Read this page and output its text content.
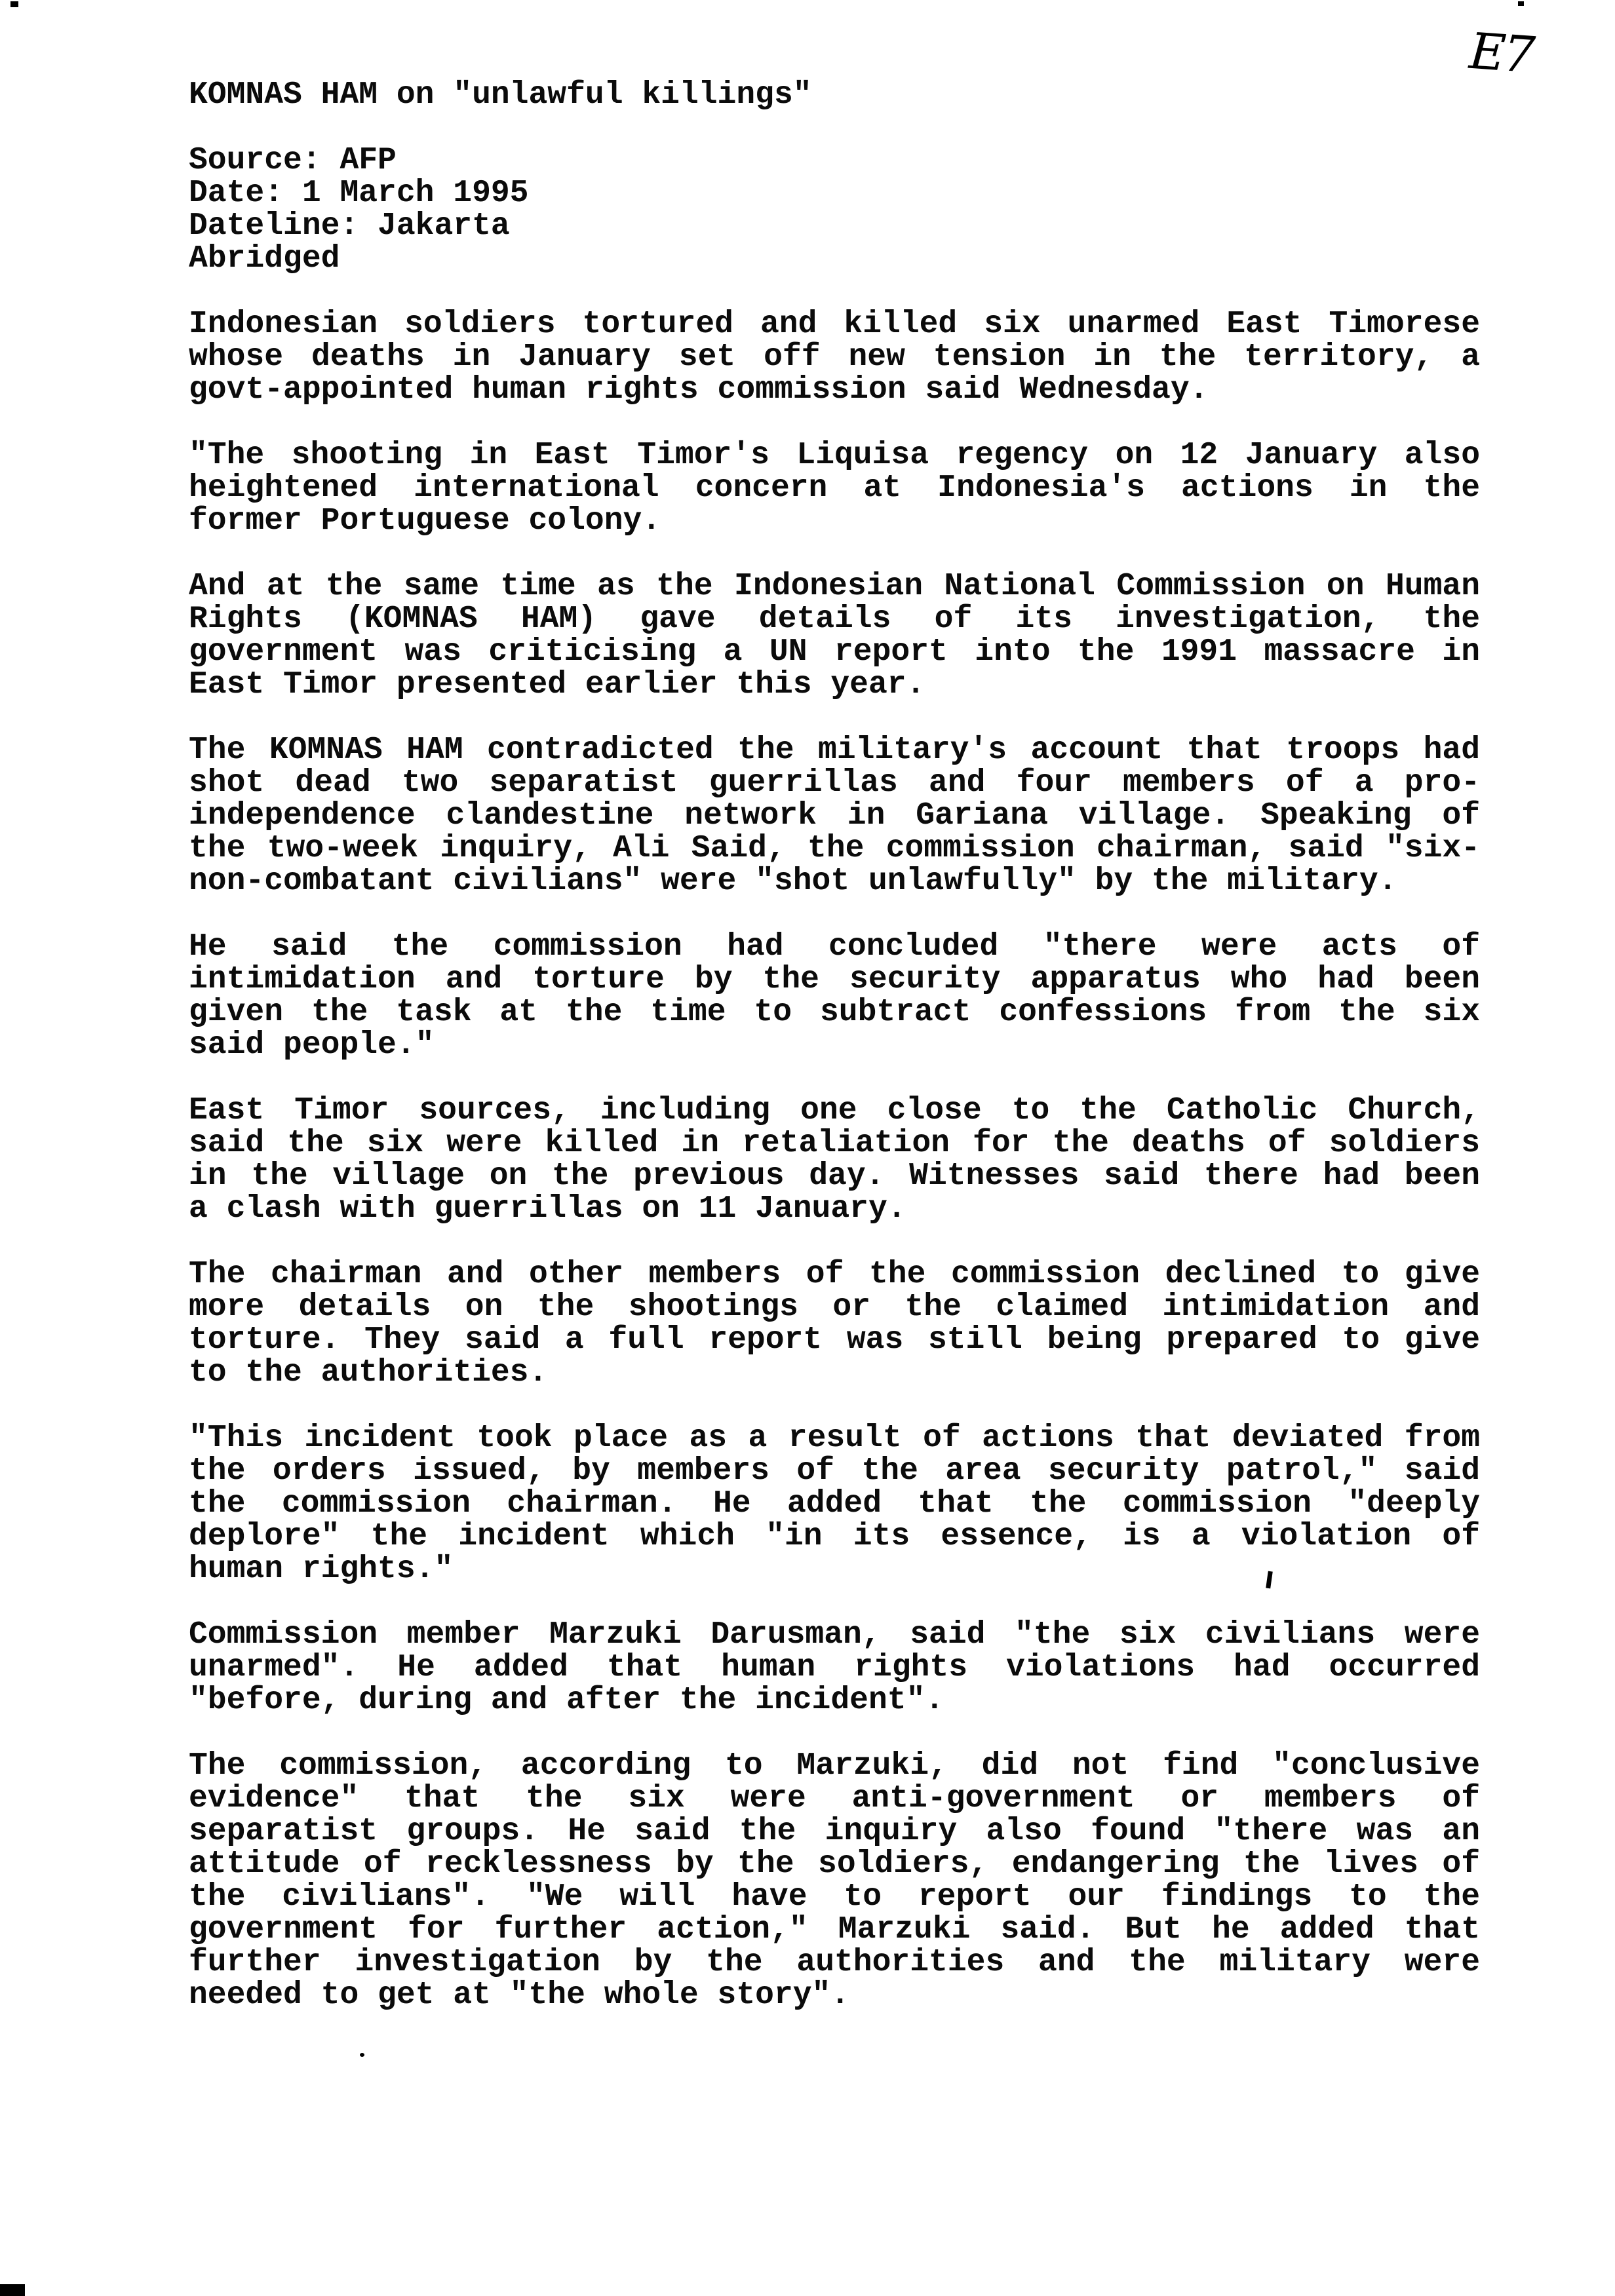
E7
KOMNAS HAM on "unlawful killings"
Source: AFP
Date: 1 March 1995
Dateline: Jakarta
Abridged
Indonesian soldiers tortured and killed six unarmed East Timorese
whose deaths in January set off new tension in the territory, a
govt-appointed human rights commission said Wednesday.
"The shooting in East Timor's Liquisa regency on 12 January also
heightened international concern at Indonesia's actions in the
former Portuguese colony.
And at the same time as the Indonesian National Commission on Human
Rights (KOMNAS HAM) gave details of its investigation, the
government was criticising a UN report into the 1991 massacre in
East Timor presented earlier this year.
The KOMNAS HAM contradicted the military's account that troops had
shot dead two separatist guerrillas and four members of a pro-
independence clandestine network in Gariana village. Speaking of
the two-week inquiry, Ali Said, the commission chairman, said "six-
non-combatant civilians" were "shot unlawfully" by the military.
He said the commission had concluded "there were acts of
intimidation and torture by the security apparatus who had been
given the task at the time to subtract confessions from the six
said people."
East Timor sources, including one close to the Catholic Church,
said the six were killed in retaliation for the deaths of soldiers
in the village on the previous day. Witnesses said there had been
a clash with guerrillas on 11 January.
The chairman and other members of the commission declined to give
more details on the shootings or the claimed intimidation and
torture. They said a full report was still being prepared to give
to the authorities.
"This incident took place as a result of actions that deviated from
the orders issued, by members of the area security patrol," said
the commission chairman. He added that the commission "deeply
deplore" the incident which "in its essence, is a violation of
human rights."
Commission member Marzuki Darusman, said "the six civilians were
unarmed". He added that human rights violations had occurred
"before, during and after the incident".
The commission, according to Marzuki, did not find "conclusive
evidence" that the six were anti-government or members of
separatist groups. He said the inquiry also found "there was an
attitude of recklessness by the soldiers, endangering the lives of
the civilians". "We will have to report our findings to the
government for further action," Marzuki said. But he added that
further investigation by the authorities and the military were
needed to get at "the whole story".
